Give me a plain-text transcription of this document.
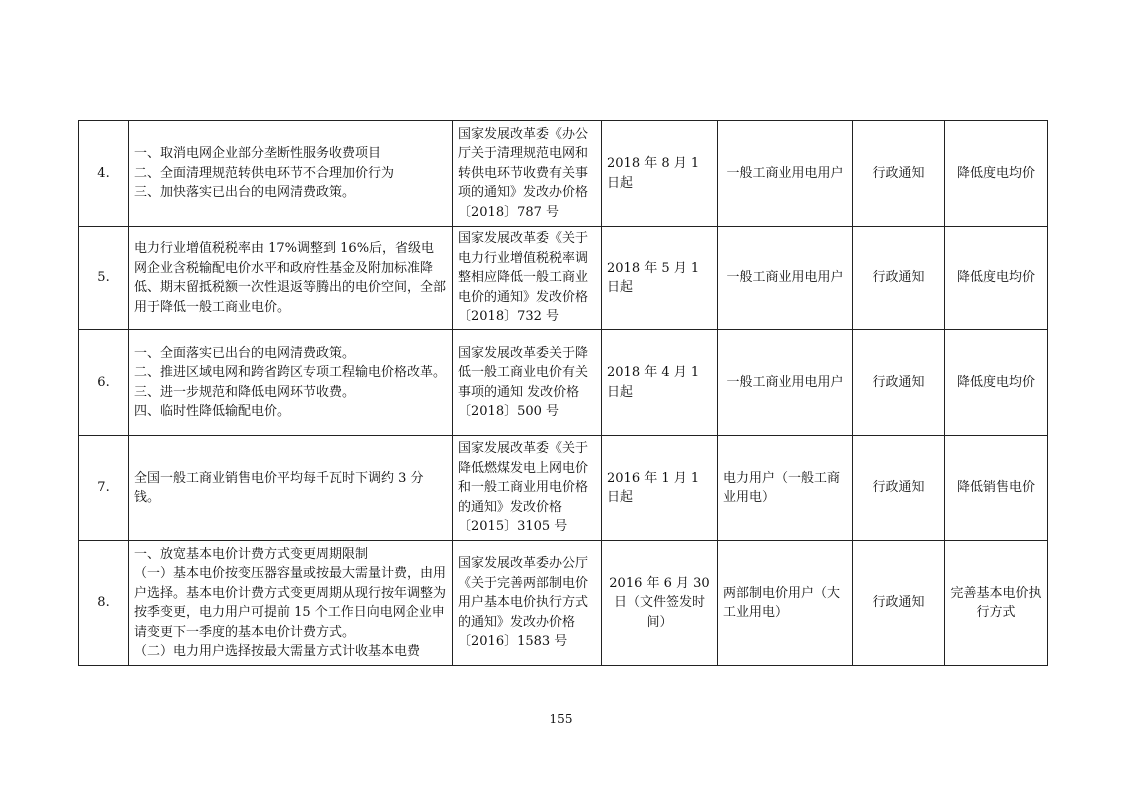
4.	一、取消电网企业部分垄断性服务收费项目
二、全面清理规范转供电环节不合理加价行为
三、加快落实已出台的电网清费政策。	国家发展改革委《办公厅关于清理规范电网和转供电环节收费有关事项的通知》发改办价格〔2018〕787 号	2018 年 8 月 1 日起	一般工商业用电用户	行政通知	降低度电均价
5.	电力行业增值税税率由 17%调整到 16%后，省级电网企业含税输配电价水平和政府性基金及附加标准降低、期末留抵税额一次性退返等腾出的电价空间，全部用于降低一般工商业电价。	国家发展改革委《关于电力行业增值税税率调整相应降低一般工商业电价的通知》发改价格〔2018〕732 号	2018 年 5 月 1 日起	一般工商业用电用户	行政通知	降低度电均价
6.	一、全面落实已出台的电网清费政策。
二、推进区域电网和跨省跨区专项工程输电价格改革。
三、进一步规范和降低电网环节收费。
四、临时性降低输配电价。	国家发展改革委关于降低一般工商业电价有关事项的通知 发改价格〔2018〕500 号	2018 年 4 月 1 日起	一般工商业用电用户	行政通知	降低度电均价
7.	全国一般工商业销售电价平均每千瓦时下调约 3 分钱。	国家发展改革委《关于降低燃煤发电上网电价和一般工商业用电价格的通知》发改价格〔2015〕3105 号	2016 年 1 月 1 日起	电力用户（一般工商业用电）	行政通知	降低销售电价
8.	一、放宽基本电价计费方式变更周期限制
（一）基本电价按变压器容量或按最大需量计费，由用户选择。基本电价计费方式变更周期从现行按年调整为按季变更，电力用户可提前 15 个工作日向电网企业申请变更下一季度的基本电价计费方式。
（二）电力用户选择按最大需量方式计收基本电费	国家发展改革委办公厅《关于完善两部制电价用户基本电价执行方式的通知》发改办价格〔2016〕1583 号	2016 年 6 月 30 日（文件签发时间）	两部制电价用户（大工业用电）	行政通知	完善基本电价执行方式
155
